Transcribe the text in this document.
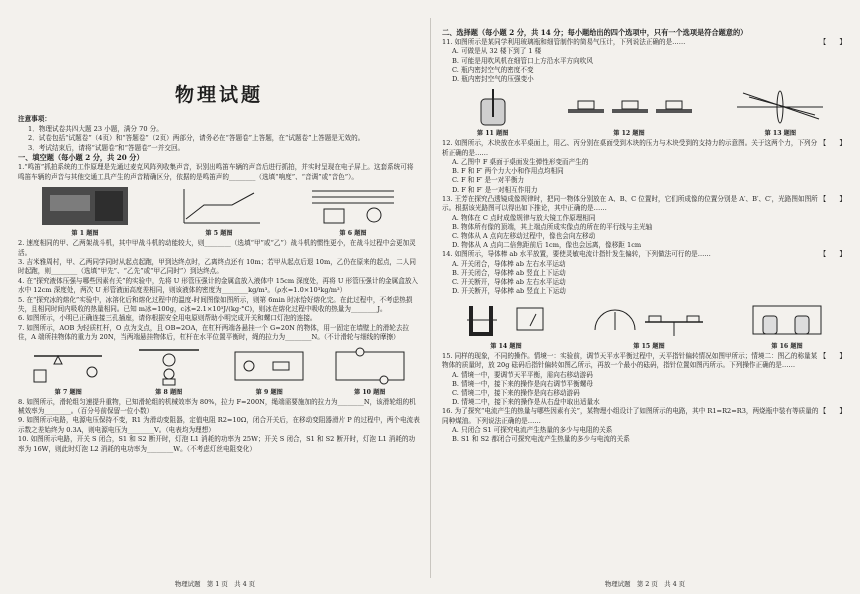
物理试题
注意事项：
1．物理试卷共四大题 23 小题，满分 70 分。
2．试卷包括“试题卷”（4页）和“答题卷”（2页）两部分，请务必在“答题卷”上答题，在“试题卷”上答题是无效的。
3．考试结束后，请将“试题卷”和“答题卷”一并交回。
一、填空题（每小题 2 分，共 20 分）
1.“鸣笛”抓拍系统的工作原理是先通过麦克风阵列收集声音，识别出鸣笛车辆的声音后进行抓拍，并实时呈现在电子屏上。这套系统可将鸣笛车辆的声音与其他交通工具产生的声音精确区分，依据的是鸣笛声的________（选填“响度”、“音调”或“音色”）。
第 1 题图	第 5 题图	第 6 题图
2. 速度相同的甲、乙两架战斗机，其中甲战斗机的动能较大，则________（选填“甲”或“乙”）战斗机的惯性更小，在战斗过程中会更加灵活。
3. 吉米雅周村，甲、乙两同学同时从起点起跑，甲到达终点时，乙离终点还有 10m；若甲从起点后退 10m，乙仍在原来的起点，二人同时起跑，则________（选填“甲先”、“乙先”或“甲乙同时”）到达终点。
4. 在“探究液体压强与哪些因素有关”的实验中，先将 U 形管压强计的金属盒放入液体中 15cm 深度处，再将 U 形管压强计的金属盒放入水中 12cm 深度处，两次 U 形管液面高度差相同，则该液体的密度为________kg/m³。（ρ水=1.0×10³kg/m³）
5. 在“探究冰的熔化”实验中，冰溶化后和熔化过程中的温度-时间图像如图所示，则第 6min 时冰恰好熔化完。在此过程中，不考虑热损失，且相同时间内吸收的热量相同。已知 m冰=100g，c冰=2.1×10³J/(kg·°C)，则冰在熔化过程中吸收的热量为________J。
6. 如图所示，小明已正确连接三孔插座，请你根据安全用电原则帮助小明完成开关和螺口灯泡的连接。
7. 如图所示，AOB 为轻质杠杆，O 点为支点，且 OB=2OA，在杠杆两端各悬挂一个 G=20N 的物体，用一固定在墙壁上的滑轮去拉住，A 端所挂物体的重力为 20N，当两端悬挂物体后，杠杆在水平位置平衡时，绳的拉力为________N。（不计滑轮与细线的摩擦）
第 7 题图	第 8 题图	第 9 题图	第 10 题图
8. 如图所示，滑轮组匀速提升重物，已知滑轮组的机械效率为 80%，拉力 F=200N，绳端需要施加的拉力为________N，该滑轮组的机械效率为________。（百分号前保留一位小数）
9. 如图所示电路，电源电压保持不变，R1 为滑动变阻器，定值电阻 R2=10Ω，闭合开关后，在移动变阻器滑片 P 的过程中，两个电流表示数之差始终为 0.3A，则电源电压为________V。（电表均为理想）
10. 如图所示电路，开关 S 闭合，S1 和 S2 断开时，灯泡 L1 消耗的功率为 25W；开关 S 闭合，S1 和 S2 断开时，灯泡 L1 消耗的功率为 16W，则此时灯泡 L2 消耗的电功率为________W。（不考虑灯丝电阻变化）
物理试题　第 1 页　共 4 页
二、选择题（每小题 2 分，共 14 分；每小题给出的四个选项中，只有一个选项是符合题意的）
【　　】
11. 如图所示是某同学利用玻璃瓶和细管制作的简易气压计，下列说法正确的是……
A. 可做是从 32 楼下到了 1 楼
B. 可能是用吹风机在细管口上方沿水平方向吹风
C. 瓶内密封空气的密度不变
D. 瓶内密封空气的压强变小
第 11 题图	第 12 题图	第 13 题图
【　　】
12. 如图所示，木块放在水平桌面上，用乙、丙分别在桌面受到木块的压力与木块受到的支持力的示意图。关于这两个力，下列分析正确的是……
A. 乙图中 F 桌面于桌面发生弹性形变而产生的
B. F 和 F′ 两个力大小和作用点均相同
C. F 和 F′ 是一对平衡力
D. F 和 F′ 是一对相互作用力
【　　】
13. 王芳在探究凸透镜成像规律时，把同一物体分别放在 A、B、C 位置时，它们所成像的位置分别是 A′、B′、C′，光路图如图所示。根据该光路图可以得出如下推论，其中正确的是……
A. 物体在 C 点时成像规律与放大镜工作原理相同
B. 物体所有像的顶端，其上端点所成实像点的所在的平行线与主光轴
C. 物体从 A 点向左移动过程中，像也会向左移动
D. 物体从 A 点向二倍焦距前后 1cm，像也会远离，像移距 1cm
【　　】
14. 如图所示，导体棒 ab 水平放置，要使灵敏电流计指针发生偏转，下列做法可行的是……
A. 开关闭合，导体棒 ab 左右水平运动
B. 开关闭合，导体棒 ab 竖直上下运动
C. 开关断开，导体棒 ab 左右水平运动
D. 开关断开，导体棒 ab 竖直上下运动
第 14 题图	第 15 题图	第 16 题图
【　　】
15. 同样的现象，不同的操作。情境一：实验前，调节天平水平衡过程中，天平指针偏转情况如图甲所示；情境二：图乙的称量某物体的质量时，放 20g 砝码后指针偏转如图乙所示，再放一个最小的砝码，指针位置如图丙所示。下列操作正确的是……
A. 情境一中，要调节天平平衡，需向右移动游码
B. 情境一中，接下来的操作是向右调节平衡螺母
C. 情境二中，接下来的操作是向右移动游码
D. 情境二中，接下来的操作是从右盘中取出适量水
【　　】
16. 为了探究“电流产生的热量与哪些因素有关”，某物理小组设计了如图所示的电路，其中 R1=R2=R3，两烧瓶中装有等质量的同种煤油。下列说法正确的是……
A. 只闭合 S1 可探究电流产生热量的多少与电阻的关系
B. S1 和 S2 都闭合可探究电流产生热量的多少与电流的关系
物理试题　第 2 页　共 4 页
